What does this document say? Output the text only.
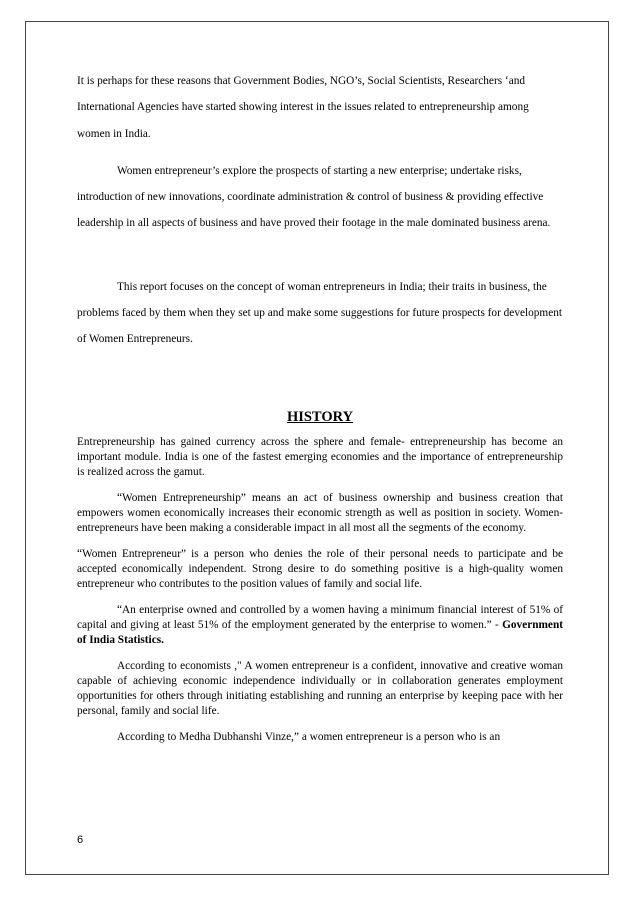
It is perhaps for these reasons that Government Bodies, NGO’s, Social Scientists, Researchers ‘and International Agencies have started showing interest in the issues related to entrepreneurship among women in India.

Women entrepreneur’s explore the prospects of starting a new enterprise; undertake risks, introduction of new innovations, coordinate administration & control of business & providing effective leadership in all aspects of business and have proved their footage in the male dominated business arena.

This report focuses on the concept of woman entrepreneurs in India; their traits in business, the problems faced by them when they set up and make some suggestions for future prospects for development of Women Entrepreneurs.

HISTORY

Entrepreneurship has gained currency across the sphere and female- entrepreneurship has become an important module. India is one of the fastest emerging economies and the importance of entrepreneurship is realized across the gamut.

“Women Entrepreneurship” means an act of business ownership and business creation that empowers women economically increases their economic strength as well as position in society. Women-entrepreneurs have been making a considerable impact in all most all the segments of the economy.

“Women Entrepreneur” is a person who denies the role of their personal needs to participate and be accepted economically independent. Strong desire to do something positive is a high-quality women entrepreneur who contributes to the position values of family and social life.

“An enterprise owned and controlled by a women having a minimum financial interest of 51% of capital and giving at least 51% of the employment generated by the enterprise to women.” - Government of India Statistics.

According to economists ," A women entrepreneur is a confident, innovative and creative woman capable of achieving economic independence individually or in collaboration generates employment opportunities for others through initiating establishing and running an enterprise by keeping pace with her personal, family and social life.

According to Medha Dubhanshi Vinze,” a women entrepreneur is a person who is an

6
